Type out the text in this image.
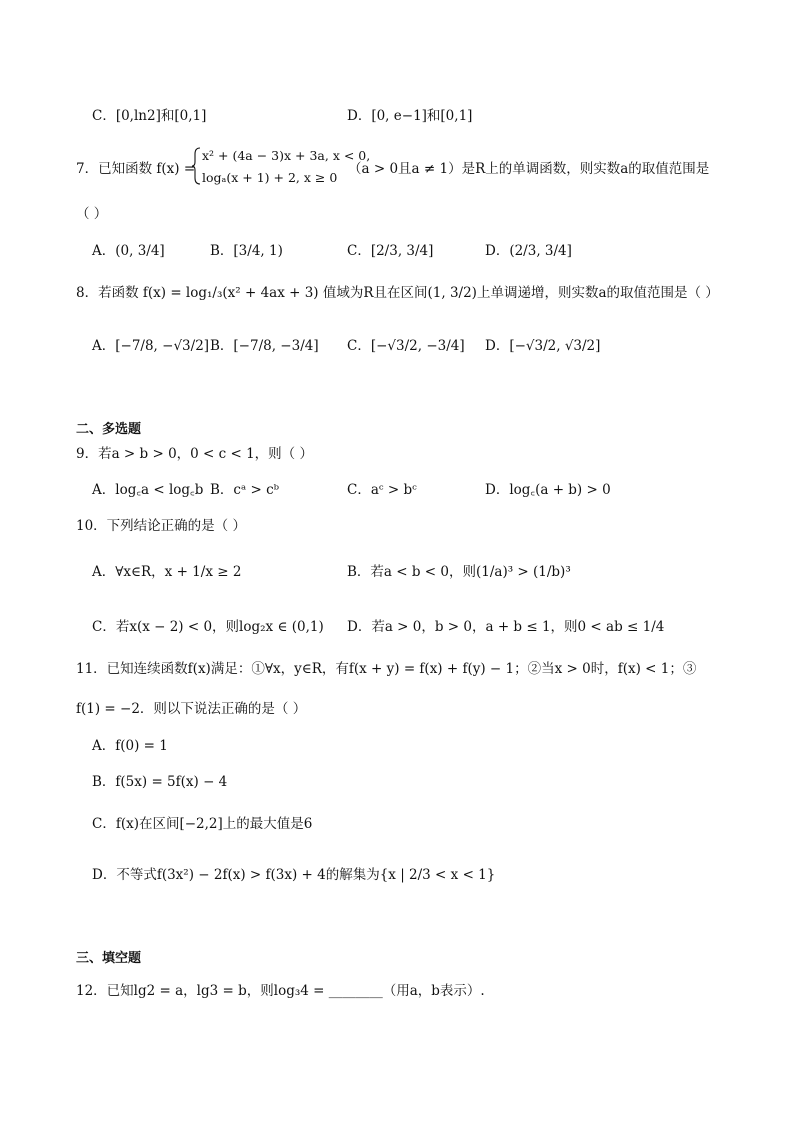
C．[0,ln2]和[0,1]	D．[0, e−1]和[0,1]
7．已知函数 f(x) =
x² + (4a − 3)x + 3a, x < 0,
logₐ(x + 1) + 2, x ≥ 0
（a > 0且a ≠ 1）是R上的单调函数，则实数a的取值范围是
（ ）
A．(0, 3/4]	B．[3/4, 1)	C．[2/3, 3/4]	D．(2/3, 3/4]
8．若函数 f(x) = log₁/₃(x² + 4ax + 3) 值域为R且在区间(1, 3/2)上单调递增，则实数a的取值范围是（ ）
A．[−7/8, −√3/2] B．[−7/8, −3/4] C．[−√3/2, −3/4] D．[−√3/2, √3/2]
二、多选题
9．若a > b > 0，0 < c < 1，则（ ）
A．log꜀a < log꜀b B．cᵃ > cᵇ	C．aᶜ > bᶜ	D．log꜀(a + b) > 0
10．下列结论正确的是（ ）
A．∀x∈R，x + 1/x ≥ 2	B．若a < b < 0，则(1/a)³ > (1/b)³
C．若x(x − 2) < 0，则log₂x ∈ (0,1) D．若a > 0，b > 0，a + b ≤ 1，则0 < ab ≤ 1/4
11．已知连续函数f(x)满足：①∀x，y∈R，有f(x + y) = f(x) + f(y) − 1；②当x > 0时，f(x) < 1；③
f(1) = −2．则以下说法正确的是（ ）
A．f(0) = 1
B．f(5x) = 5f(x) − 4
C．f(x)在区间[−2,2]上的最大值是6
D．不等式f(3x²) − 2f(x) > f(3x) + 4的解集为{x | 2/3 < x < 1}
三、填空题
12．已知lg2 = a，lg3 = b，则log₃4 = ________（用a，b表示）.
